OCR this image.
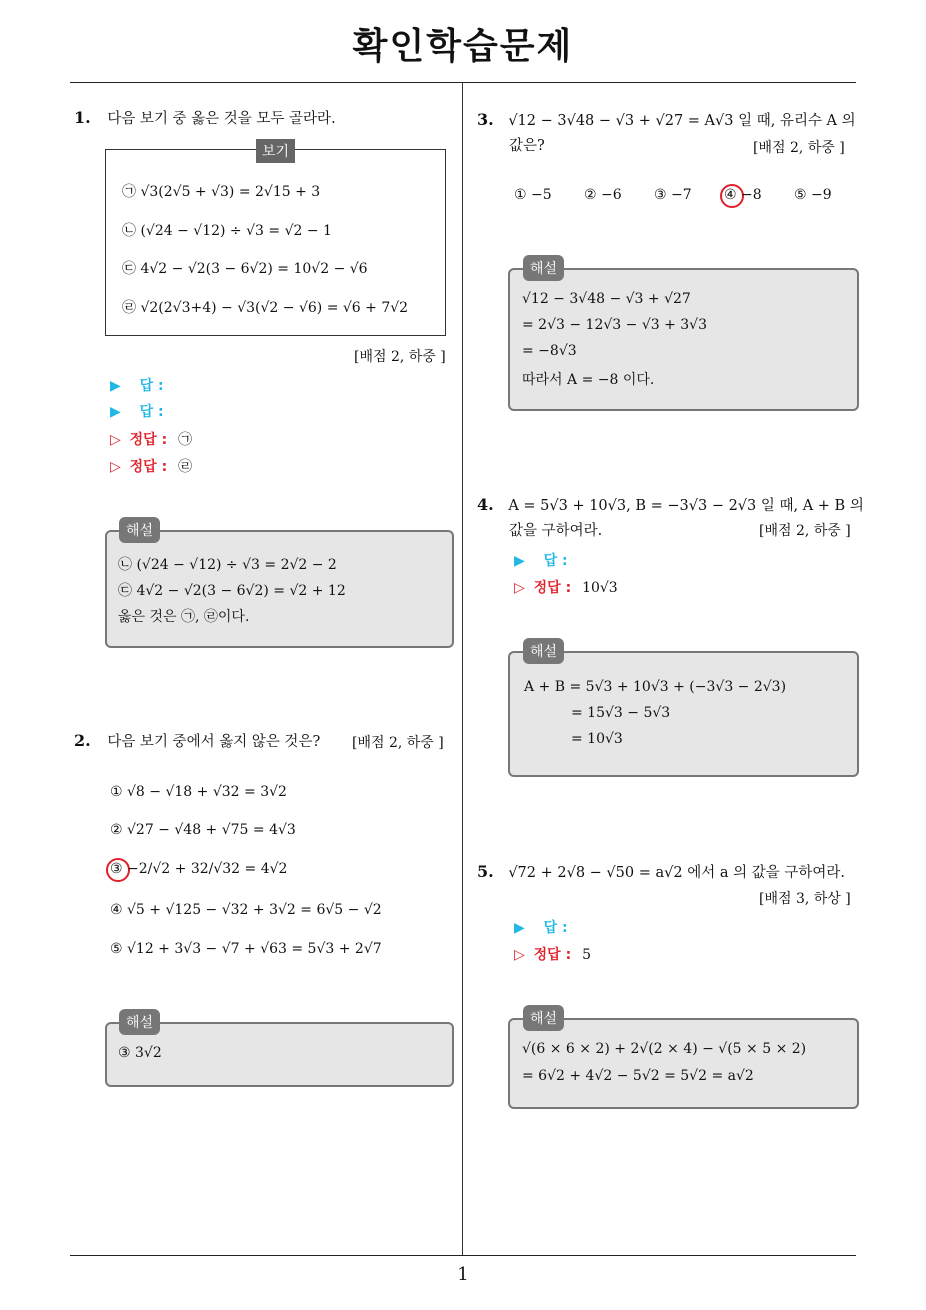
확인학습문제
1
1. 다음 보기 중 옳은 것을 모두 골라라.
보기
㉠ √3(2√5 + √3) = 2√15 + 3
㉡ (√24 − √12) ÷ √3 = √2 − 1
㉢ 4√2 − √2(3 − 6√2) = 10√2 − √6
㉣ √2(2√3+4) − √3(√2 − √6) = √6 + 7√2
[배점 2, 하중 ]
▶ 답 :
▶ 답 :
▷ 정답 : ㉠
▷ 정답 : ㉣
해설
㉡ (√24 − √12) ÷ √3 = 2√2 − 2
㉢ 4√2 − √2(3 − 6√2) = √2 + 12
옳은 것은 ㉠, ㉣이다.
2. 다음 보기 중에서 옳지 않은 것은? [배점 2, 하중 ]
① √8 − √18 + √32 = 3√2
② √27 − √48 + √75 = 4√3
③ −2/√2 + 32/√32 = 4√2
④ √5 + √125 − √32 + 3√2 = 6√5 − √2
⑤ √12 + 3√3 − √7 + √63 = 5√3 + 2√7
해설
③ 3√2
3. √12 − 3√48 − √3 + √27 = A√3 일 때, 유리수 A 의
값은?	[배점 2, 하중 ]
① −5 ② −6 ③ −7 ④ −8 ⑤ −9
해설
√12 − 3√48 − √3 + √27
= 2√3 − 12√3 − √3 + 3√3
= −8√3
따라서 A = −8 이다.
4. A = 5√3 + 10√3, B = −3√3 − 2√3 일 때, A + B 의
값을 구하여라.	[배점 2, 하중 ]
▶ 답 :
▷ 정답 : 10√3
해설
A + B = 5√3 + 10√3 + (−3√3 − 2√3)
= 15√3 − 5√3
= 10√3
5. √72 + 2√8 − √50 = a√2 에서 a 의 값을 구하여라.
[배점 3, 하상 ]
▶ 답 :
▷ 정답 : 5
해설
√(6 × 6 × 2) + 2√(2 × 4) − √(5 × 5 × 2)
= 6√2 + 4√2 − 5√2 = 5√2 = a√2
